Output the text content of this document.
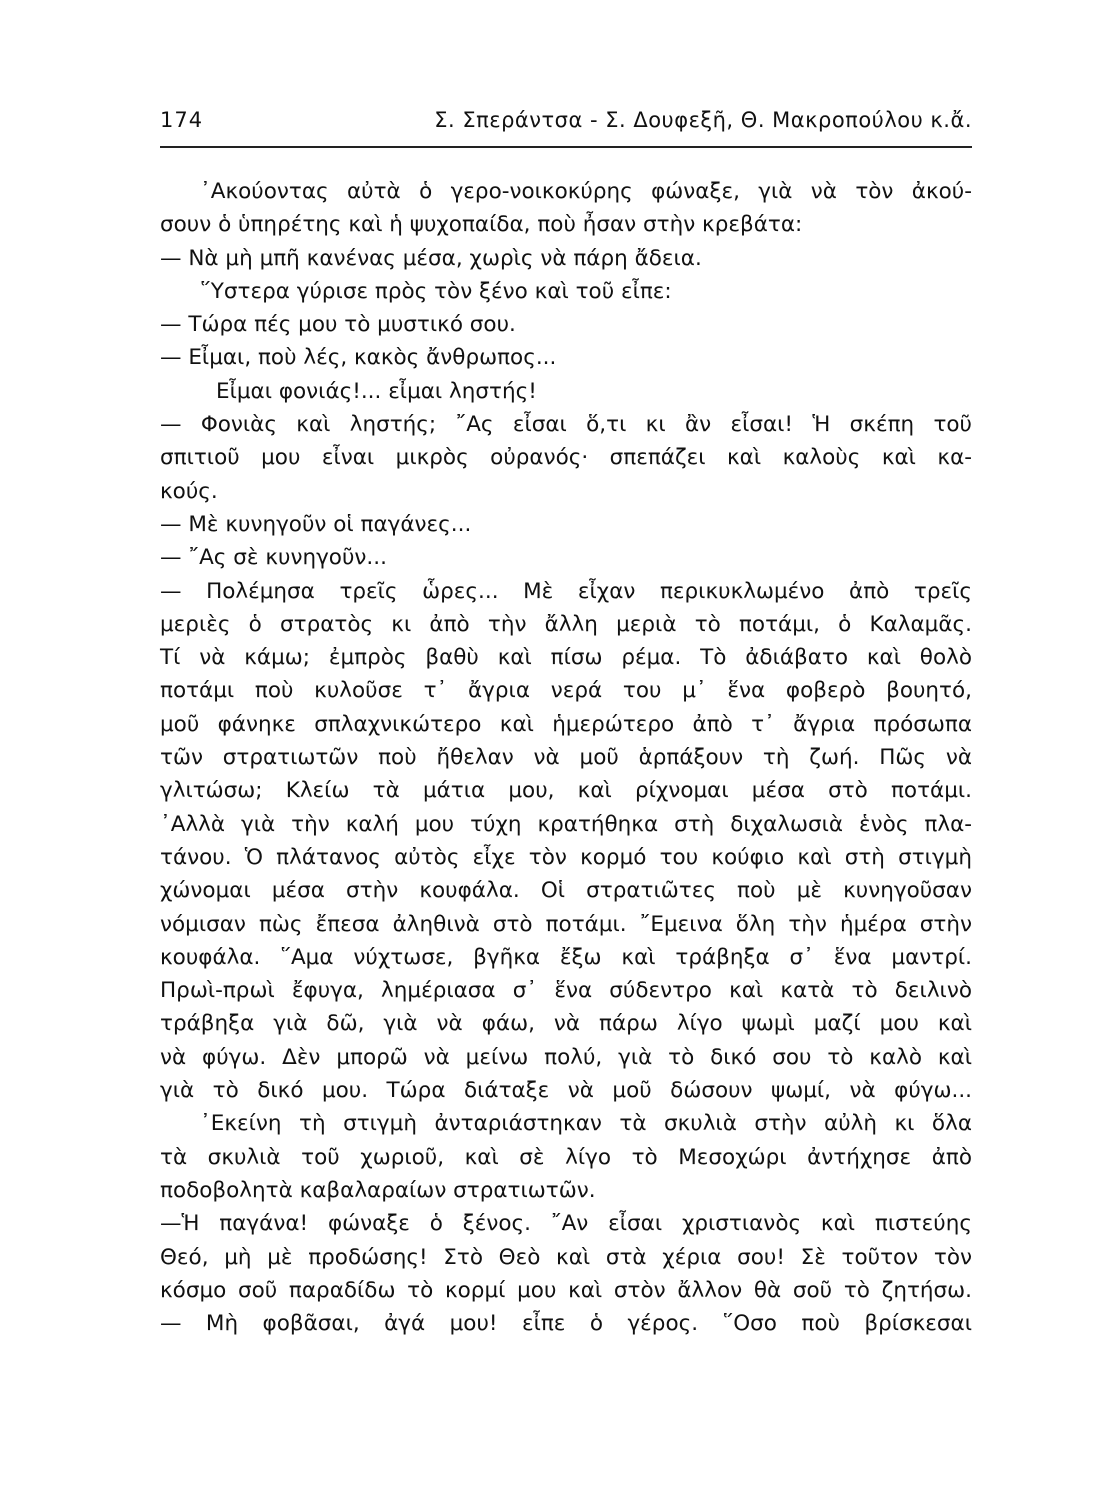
174	Σ. Σπεράντσα - Σ. Δουφεξῆ, Θ. Μακροπούλου κ.ἄ.
᾿Ακούοντας αὐτὰ ὁ γερο-νοικοκύρης φώναξε, γιὰ νὰ τὸν ἀκού-
σουν ὁ ὑπηρέτης καὶ ἡ ψυχοπαίδα, ποὺ ἦσαν στὴν κρεβάτα:
— Νὰ μὴ μπῆ κανένας μέσα, χωρὶς νὰ πάρη ἄδεια.
῞Υστερα γύρισε πρὸς τὸν ξένο καὶ τοῦ εἶπε:
— Τώρα πές μου τὸ μυστικό σου.
— Εἶμαι, ποὺ λές, κακὸς ἄνθρωπος...
Εἶμαι φονιάς!... εἶμαι ληστής!
— Φονιὰς καὶ ληστής; ῎Ας εἶσαι ὅ,τι κι ἂν εἶσαι! Ἡ σκέπη τοῦ
σπιτιοῦ μου εἶναι μικρὸς οὐρανός· σπεπάζει καὶ καλοὺς καὶ κα-
κούς.
— Μὲ κυνηγοῦν οἱ παγάνες...
— ῎Ας σὲ κυνηγοῦν...
— Πολέμησα τρεῖς ὧρες... Μὲ εἶχαν περικυκλωμένο ἀπὸ τρεῖς
μεριὲς ὁ στρατὸς κι ἀπὸ τὴν ἄλλη μεριὰ τὸ ποτάμι, ὁ Καλαμᾶς.
Τί νὰ κάμω; ἐμπρὸς βαθὺ καὶ πίσω ρέμα. Τὸ ἀδιάβατο καὶ θολὸ
ποτάμι ποὺ κυλοῦσε τ᾿ ἄγρια νερά του μ᾿ ἕνα φοβερὸ βουητό,
μοῦ φάνηκε σπλαχνικώτερο καὶ ἡμερώτερο ἀπὸ τ᾿ ἄγρια πρόσωπα
τῶν στρατιωτῶν ποὺ ἤθελαν νὰ μοῦ ἁρπάξουν τὴ ζωή. Πῶς νὰ
γλιτώσω; Κλείω τὰ μάτια μου, καὶ ρίχνομαι μέσα στὸ ποτάμι.
᾿Αλλὰ γιὰ τὴν καλή μου τύχη κρατήθηκα στὴ διχαλωσιὰ ἑνὸς πλα-
τάνου. Ὁ πλάτανος αὐτὸς εἶχε τὸν κορμό του κούφιο καὶ στὴ στιγμὴ
χώνομαι μέσα στὴν κουφάλα. Οἱ στρατιῶτες ποὺ μὲ κυνηγοῦσαν
νόμισαν πὼς ἔπεσα ἀληθινὰ στὸ ποτάμι. ῎Εμεινα ὅλη τὴν ἡμέρα στὴν
κουφάλα. ῞Αμα νύχτωσε, βγῆκα ἔξω καὶ τράβηξα σ᾿ ἕνα μαντρί.
Πρωὶ-πρωὶ ἔφυγα, λημέριασα σ᾿ ἕνα σύδεντρο καὶ κατὰ τὸ δειλινὸ
τράβηξα γιὰ δῶ, γιὰ νὰ φάω, νὰ πάρω λίγο ψωμὶ μαζί μου καὶ
νὰ φύγω. Δὲν μπορῶ νὰ μείνω πολύ, γιὰ τὸ δικό σου τὸ καλὸ καὶ
γιὰ τὸ δικό μου. Τώρα διάταξε νὰ μοῦ δώσουν ψωμί, νὰ φύγω...
᾿Εκείνη τὴ στιγμὴ ἀνταριάστηκαν τὰ σκυλιὰ στὴν αὐλὴ κι ὅλα
τὰ σκυλιὰ τοῦ χωριοῦ, καὶ σὲ λίγο τὸ Μεσοχώρι ἀντήχησε ἀπὸ
ποδοβολητὰ καβαλαραίων στρατιωτῶν.
—Ἡ παγάνα! φώναξε ὁ ξένος. ῎Αν εἶσαι χριστιανὸς καὶ πιστεύης
Θεό, μὴ μὲ προδώσης! Στὸ Θεὸ καὶ στὰ χέρια σου! Σὲ τοῦτον τὸν
κόσμο σοῦ παραδίδω τὸ κορμί μου καὶ στὸν ἄλλον θὰ σοῦ τὸ ζητήσω.
— Μὴ φοβᾶσαι, ἀγά μου! εἶπε ὁ γέρος. ῞Οσο ποὺ βρίσκεσαι
